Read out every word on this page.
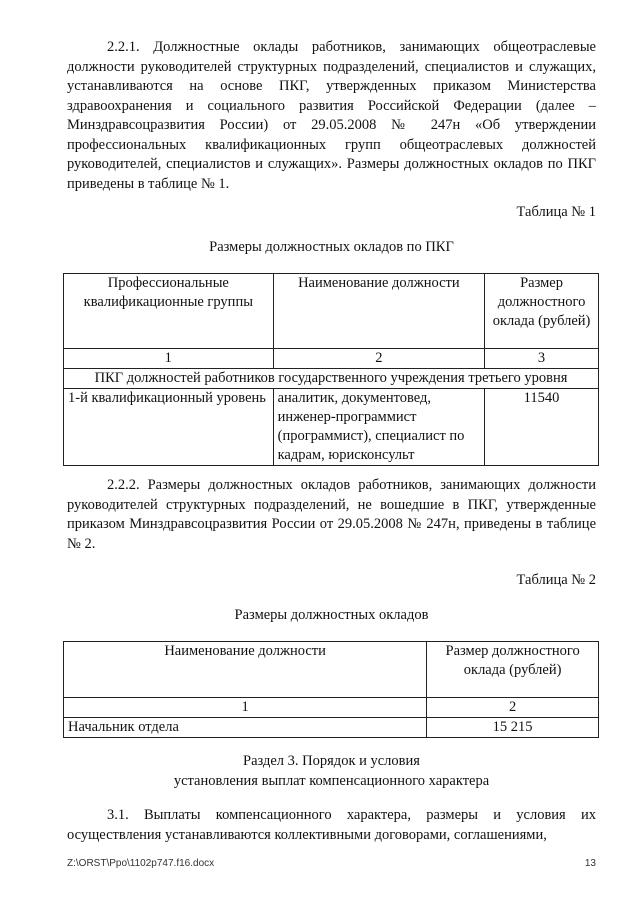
2.2.1. Должностные оклады работников, занимающих общеотраслевые должности руководителей структурных подразделений, специалистов и служащих, устанавливаются на основе ПКГ, утвержденных приказом Министерства здравоохранения и социального развития Российской Федерации (далее – Минздравсоцразвития России) от 29.05.2008 № 247н «Об утверждении профессиональных квалификационных групп общеотраслевых должностей руководителей, специалистов и служащих». Размеры должностных окладов по ПКГ приведены в таблице № 1.

Таблица № 1
Размеры должностных окладов по ПКГ
Профессиональные квалификационные группы	Наименование должности	Размер должностного оклада (рублей)
1	2	3
ПКГ должностей работников государственного учреждения третьего уровня		
1-й квалификационный уровень	аналитик, документовед, инженер-программист (программист), специалист по кадрам, юрисконсульт	11540

2.2.2. Размеры должностных окладов работников, занимающих должности руководителей структурных подразделений, не вошедшие в ПКГ, утвержденные приказом Минздравсоцразвития России от 29.05.2008 № 247н, приведены в таблице № 2.

Таблица № 2
Размеры должностных окладов
Наименование должности	Размер должностного оклада (рублей)
1	2
Начальник отдела	15 215
Раздел 3. Порядок и условия
установления выплат компенсационного характера

3.1. Выплаты компенсационного характера, размеры и условия их осуществления устанавливаются коллективными договорами, соглашениями,

Z:\ORST\Ppo\1102p747.f16.docx	13
